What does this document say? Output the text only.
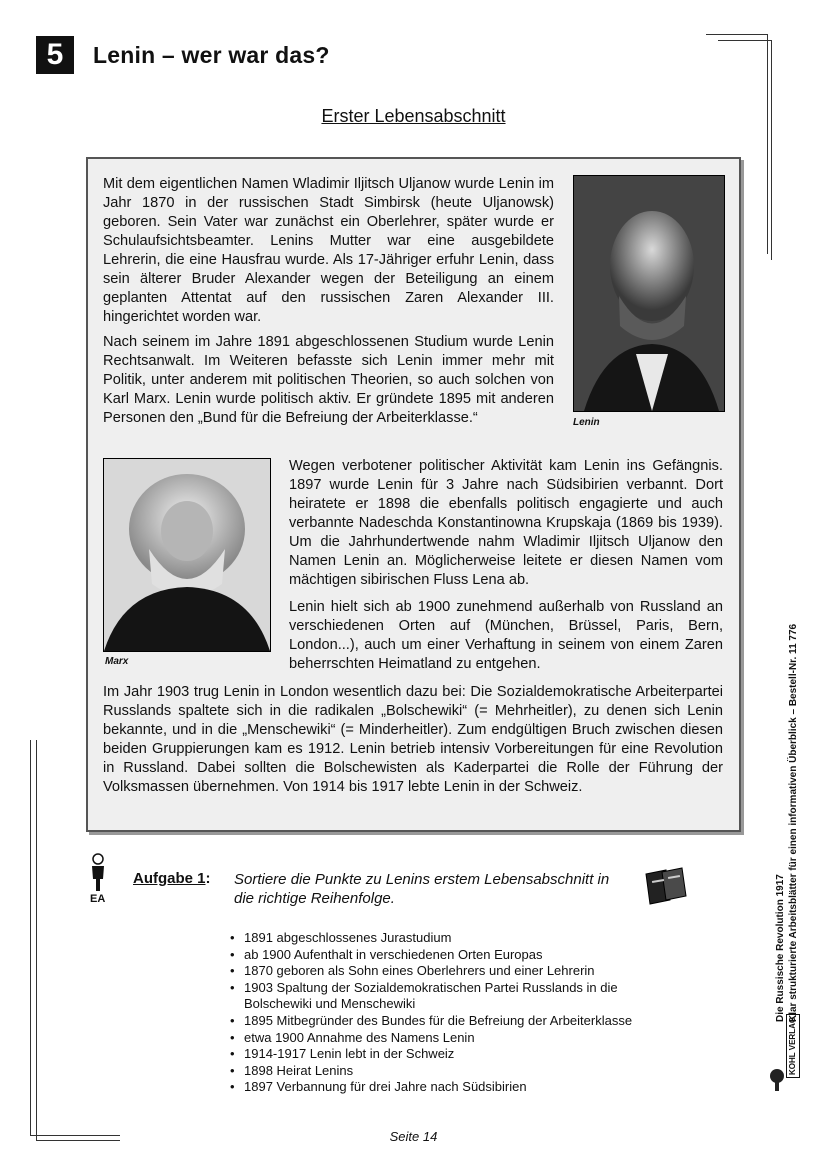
5	Lenin – wer war das?
Erster Lebensabschnitt

Mit dem eigentlichen Namen Wladimir Iljitsch Uljanow wurde Lenin im Jahr 1870 in der russischen Stadt Simbirsk (heute Uljanowsk) geboren. Sein Vater war zunächst ein Oberlehrer, später wurde er Schulaufsichtsbeamter. Lenins Mutter war eine ausgebildete Lehrerin, die eine Hausfrau wurde. Als 17-Jähriger erfuhr Lenin, dass sein älterer Bruder Alexander wegen der Beteiligung an einem geplanten Attentat auf den russischen Zaren Alexander III. hingerichtet worden war.

Nach seinem im Jahre 1891 abgeschlossenen Studium wurde Lenin Rechtsanwalt. Im Weiteren befasste sich Lenin immer mehr mit Politik, unter anderem mit politischen Theorien, so auch solchen von Karl Marx. Lenin wurde politisch aktiv. Er gründete 1895 mit anderen Personen den „Bund für die Befreiung der Arbeiterklasse.“	Lenin
Marx

Wegen verbotener politischer Aktivität kam Lenin ins Gefängnis. 1897 wurde Lenin für 3 Jahre nach Südsibirien verbannt. Dort heiratete er 1898 die ebenfalls politisch engagierte und auch verbannte Nadeschda Konstantinowna Krupskaja (1869 bis 1939). Um die Jahrhundertwende nahm Wladimir Iljitsch Uljanow den Namen Lenin an. Möglicherweise leitete er diesen Namen vom mächtigen sibirischen Fluss Lena ab.

Lenin hielt sich ab 1900 zunehmend außerhalb von Russland an verschiedenen Orten auf (München, Brüssel, Paris, Bern, London...), auch um einer Verhaftung in seinem von einem Zaren beherrschten Heimatland zu entgehen.

Im Jahr 1903 trug Lenin in London wesentlich dazu bei: Die Sozialdemokratische Arbeiterpartei Russlands spaltete sich in die radikalen „Bolschewiki“ (= Mehrheitler), zu denen sich Lenin bekannte, und in die „Menschewiki“ (= Minderheitler). Zum endgültigen Bruch zwischen diesen beiden Gruppierungen kam es 1912. Lenin betrieb intensiv Vorbereitungen für eine Revolution in Russland. Dabei sollten die Bolschewisten als Kaderpartei die Rolle der Führung der Volksmassen übernehmen. Von 1914 bis 1917 lebte Lenin in der Schweiz.

EA
Aufgabe 1: Sortiere die Punkte zu Lenins erstem Lebensabschnitt in die richtige Reihenfolge.
• 1891 abgeschlossenes Jurastudium
• ab 1900 Aufenthalt in verschiedenen Orten Europas
• 1870 geboren als Sohn eines Oberlehrers und einer Lehrerin
• 1903 Spaltung der Sozialdemokratischen Partei Russlands in die Bolschewiki und Menschewiki
• 1895 Mitbegründer des Bundes für die Befreiung der Arbeiterklasse
• etwa 1900 Annahme des Namens Lenin
• 1914-1917 Lenin lebt in der Schweiz
• 1898 Heirat Lenins
• 1897 Verbannung für drei Jahre nach Südsibirien
Die Russische Revolution 1917 Klar strukturierte Arbeitsblätter für einen informativen Überblick – Bestell-Nr. 11 776
KOHL VERLAG
Seite 14
